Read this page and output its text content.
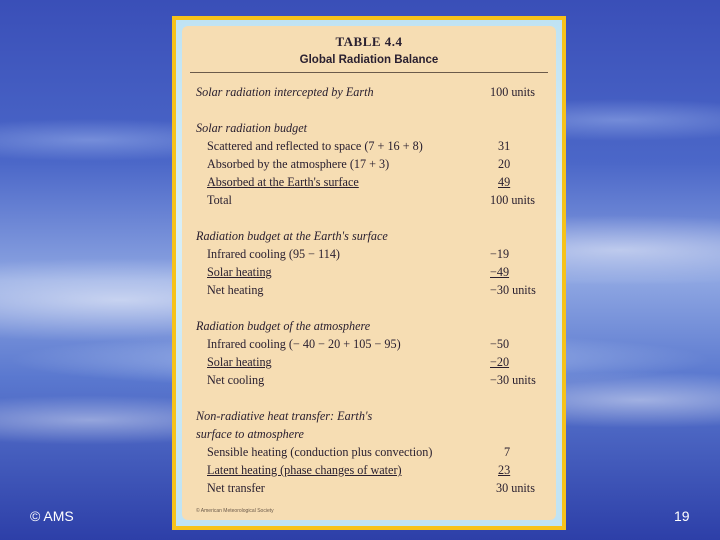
TABLE 4.4
Global Radiation Balance
Solar radiation intercepted by Earth	100 units
Solar radiation budget
Scattered and reflected to space (7 + 16 + 8)	31
Absorbed by the atmosphere (17 + 3)	20
Absorbed at the Earth's surface	49
Total	100 units
Radiation budget at the Earth's surface
Infrared cooling (95 − 114)	−19
Solar heating	−49
Net heating	−30 units
Radiation budget of the atmosphere
Infrared cooling (− 40 − 20 + 105 − 95)	−50
Solar heating	−20
Net cooling	−30 units
Non-radiative heat transfer: Earth's
surface to atmosphere
Sensible heating (conduction plus convection)	7
Latent heating (phase changes of water)	23
Net transfer	30 units
© American Meteorological Society
© AMS	19
